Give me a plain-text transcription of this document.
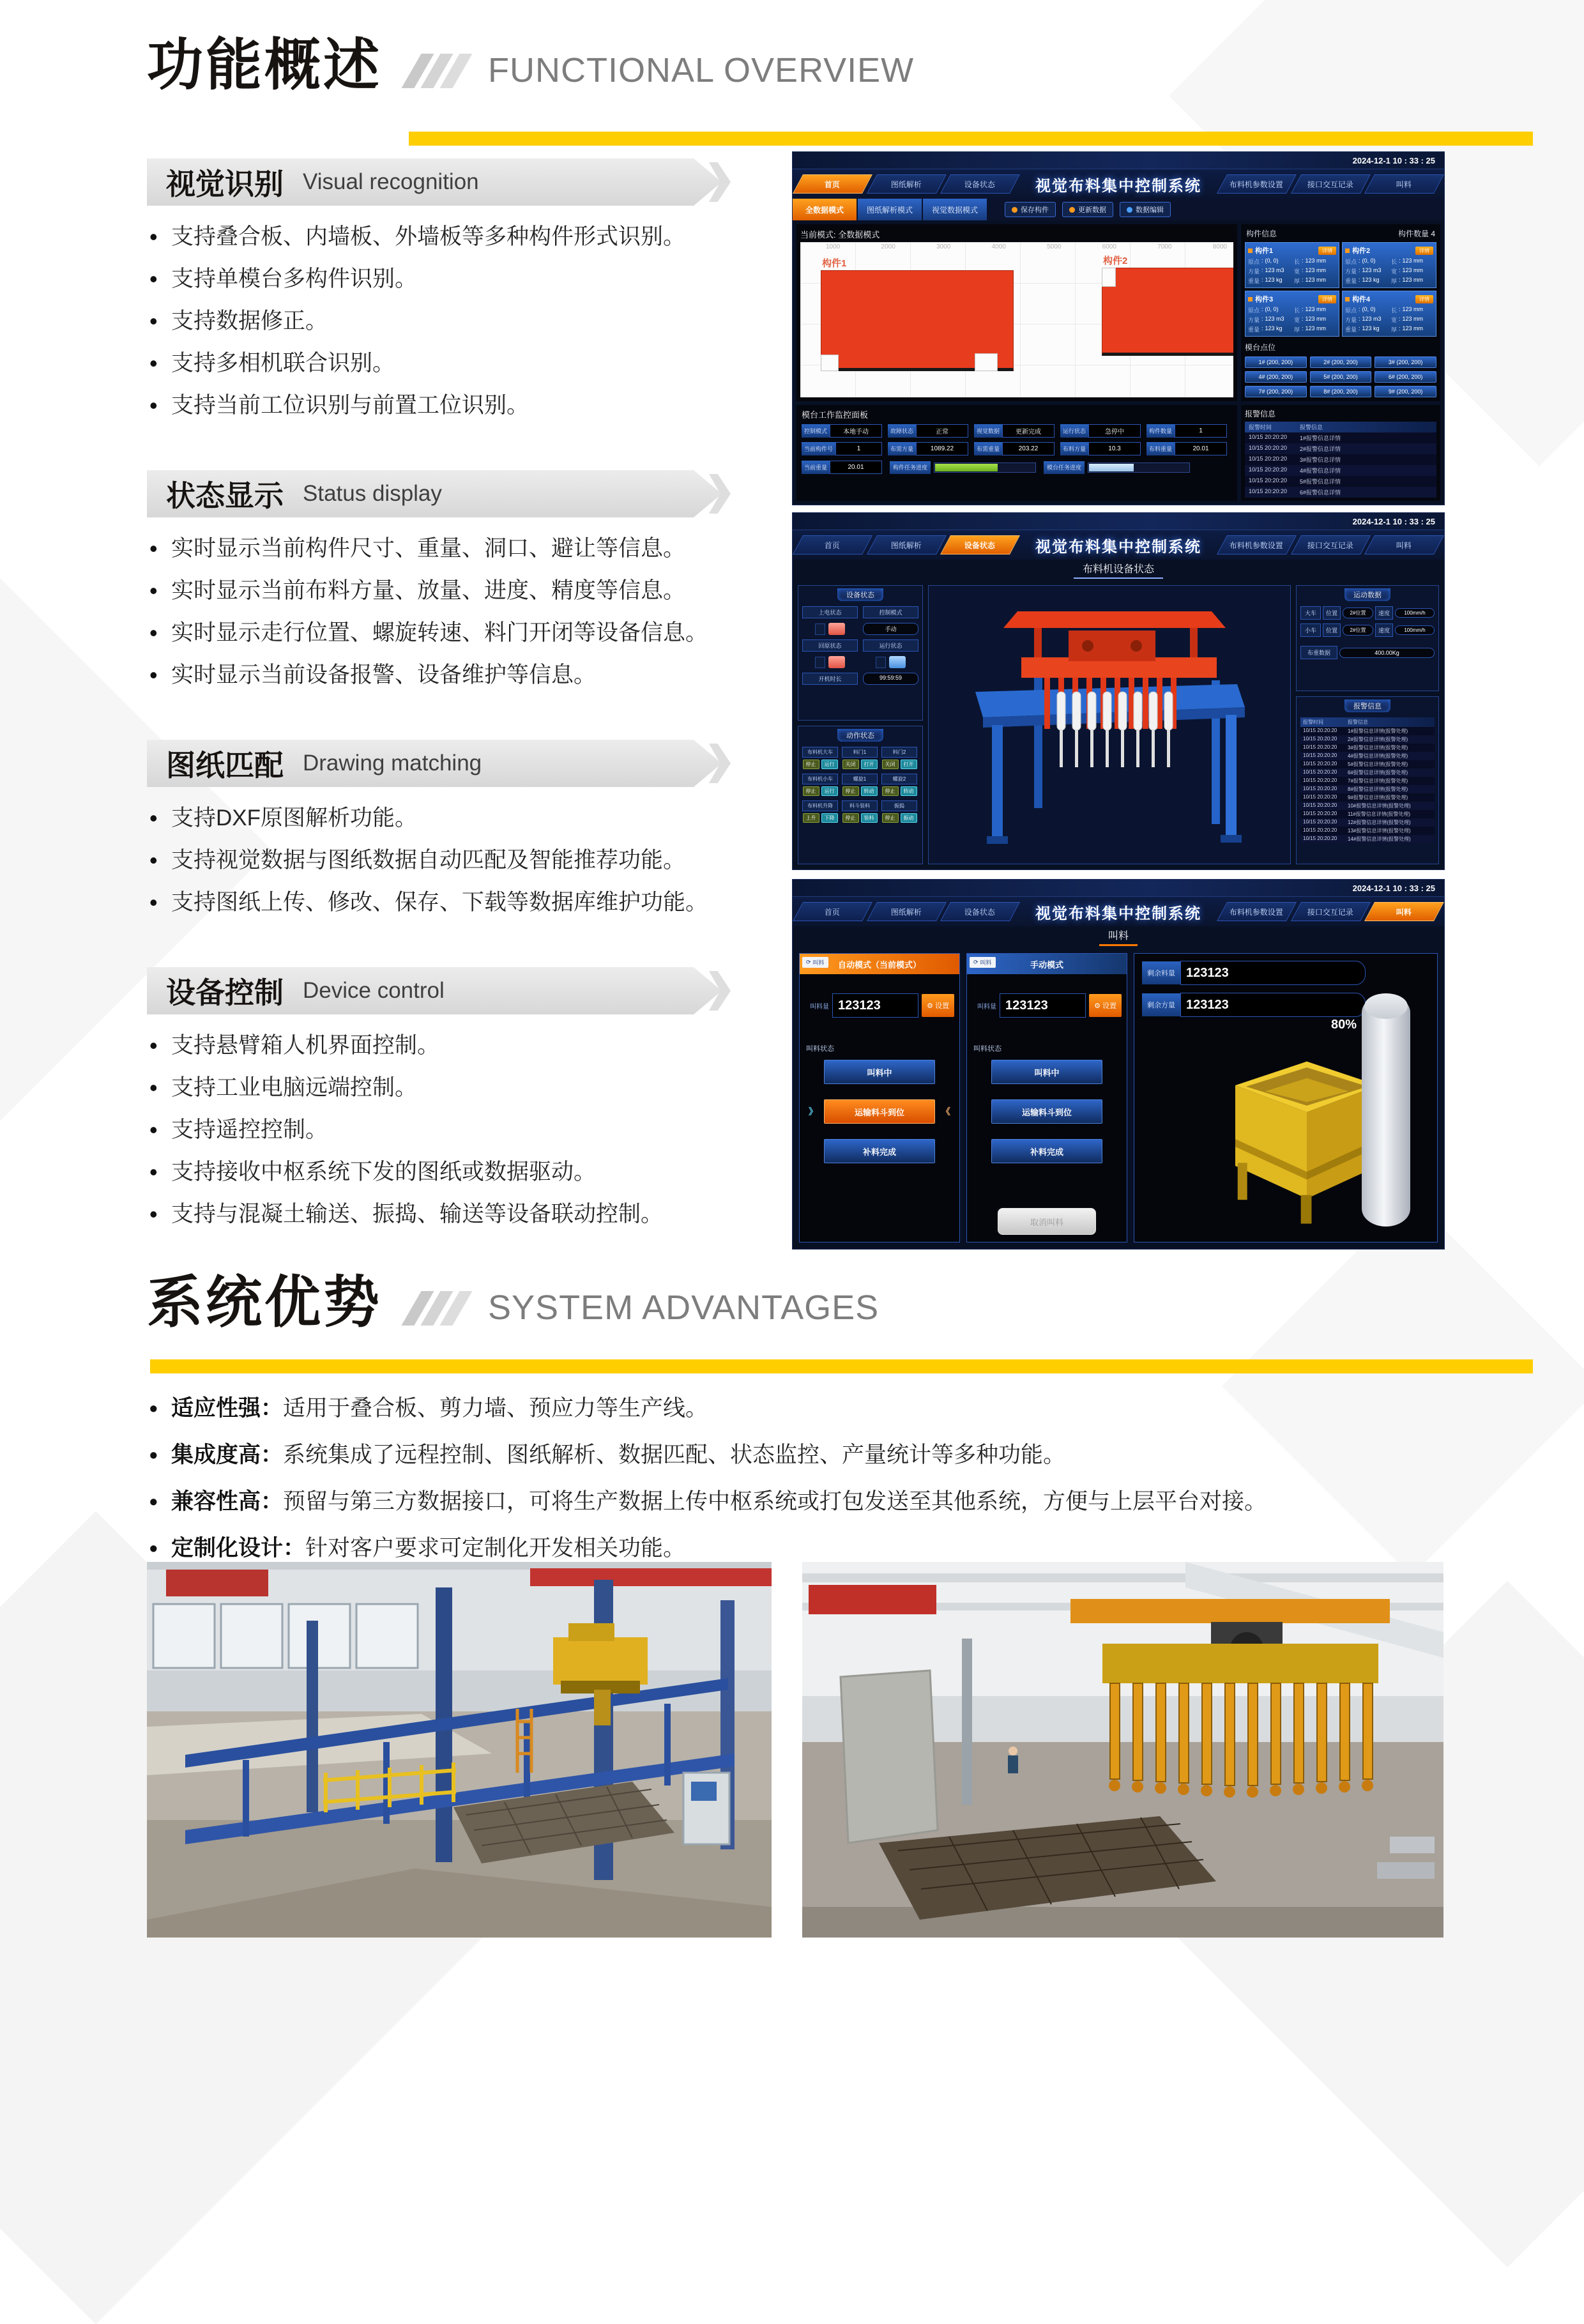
功能概述	FUNCTIONAL OVERVIEW
视觉识别 Visual recognition
• 支持叠合板、内墙板、外墙板等多种构件形式识别。
• 支持单模台多构件识别。
• 支持数据修正。
• 支持多相机联合识别。
• 支持当前工位识别与前置工位识别。
状态显示 Status display
• 实时显示当前构件尺寸、重量、洞口、避让等信息。
• 实时显示当前布料方量、放量、进度、精度等信息。
• 实时显示走行位置、螺旋转速、料门开闭等设备信息。
• 实时显示当前设备报警、设备维护等信息。
图纸匹配 Drawing matching
• 支持DXF原图解析功能。
• 支持视觉数据与图纸数据自动匹配及智能推荐功能。
• 支持图纸上传、修改、保存、下载等数据库维护功能。
设备控制 Device control
• 支持悬臂箱人机界面控制。
• 支持工业电脑远端控制。
• 支持遥控控制。
• 支持接收中枢系统下发的图纸或数据驱动。
• 支持与混凝土输送、振捣、输送等设备联动控制。
2024-12-1 10 : 33 : 25
首页	图纸解析	设备状态	视觉布料集中控制系统	布料机参数设置	接口交互记录	叫料
全数据模式	图纸解析模式	视觉数据模式	保存构件	更新数据	数据编辑
当前模式: 全数据模式
1000	2000	3000	4000	5000	6000	7000	8000
构件1	构件2
构件信息	构件数量 4
构件1	详情
原点 : (0, 0)	长 : 123 mm
方量 : 123 m3 宽 : 123 mm
重量 : 123 kg 厚 : 123 mm
构件2	详情
原点 : (0, 0)	长 : 123 mm
方量 : 123 m3 宽 : 123 mm
重量 : 123 kg 厚 : 123 mm
构件3	详情
原点 : (0, 0)	长 : 123 mm
方量 : 123 m3 宽 : 123 mm
重量 : 123 kg 厚 : 123 mm
构件4	详情
原点 : (0, 0)	长 : 123 mm
方量 : 123 m3 宽 : 123 mm
重量 : 123 kg 厚 : 123 mm
模台点位
1# (200, 200)	2# (200, 200)	3# (200, 200)
4# (200, 200)	5# (200, 200)	6# (200, 200)
7# (200, 200)	8# (200, 200)	9# (200, 200)
模台工作监控面板
控制模式	本地手动	故障状态	正常	视觉数据	更新完成	运行状态	急停中	构件数量	1
当前构件号	1	布需方量	1089.22	布需重量	203.22	布料方量	10.3	布料重量	20.01
当前重量	20.01	构件任务进度	模台任务进度
报警信息
报警时间	报警信息
10/15 20:20:20	1#报警信息详情
10/15 20:20:20	2#报警信息详情
10/15 20:20:20	3#报警信息详情
10/15 20:20:20	4#报警信息详情
10/15 20:20:20	5#报警信息详情
10/15 20:20:20	6#报警信息详情
2024-12-1 10 : 33 : 25
首页	图纸解析	设备状态	视觉布料集中控制系统	布料机参数设置	接口交互记录	叫料
布料机设备状态
设备状态
上电状态	控制模式
手动
回原状态	运行状态
开机时长	99:59:59
动作状态
布料机大车
停止	运行
料门1
关闭	打开
料门2
关闭	打开
布料机小车
停止	运行
螺旋1
停止	转动
螺旋2
停止	转动
布料机升降
上升	下降
料斗装料
停止	装料
振捣
停止	振动
运动数据
大车	位置	2#位置	速度	100mm/h
小车	位置	2#位置	速度	100mm/h
布重数据	400.00Kg
报警信息
报警时间	报警信息
10/15 20:20:20	1#报警信息详情(报警处理)
10/15 20:20:20	2#报警信息详情(报警处理)
10/15 20:20:20	3#报警信息详情(报警处理)
10/15 20:20:20	4#报警信息详情(报警处理)
10/15 20:20:20	5#报警信息详情(报警处理)
10/15 20:20:20	6#报警信息详情(报警处理)
10/15 20:20:20	7#报警信息详情(报警处理)
10/15 20:20:20	8#报警信息详情(报警处理)
10/15 20:20:20	9#报警信息详情(报警处理)
10/15 20:20:20	10#报警信息详情(报警处理)
10/15 20:20:20	11#报警信息详情(报警处理)
10/15 20:20:20	12#报警信息详情(报警处理)
10/15 20:20:20	13#报警信息详情(报警处理)
10/15 20:20:20	14#报警信息详情(报警处理)
2024-12-1 10 : 33 : 25
首页	图纸解析	设备状态	视觉布料集中控制系统	布料机参数设置	接口交互记录	叫料
叫料
⟳ 叫料 自动模式（当前模式）
叫料量 123123	⚙ 设置
叫料状态
叫料中
》	运输料斗到位	《
补料完成
⟳ 叫料	手动模式
叫料量 123123	⚙ 设置
叫料状态
叫料中
运输料斗到位
补料完成
取消叫料
剩余料量 123123
剩余方量 123123
80%
系统优势	SYSTEM ADVANTAGES
• 适应性强：适用于叠合板、剪力墙、预应力等生产线。
• 集成度高：系统集成了远程控制、图纸解析、数据匹配、状态监控、产量统计等多种功能。
• 兼容性高：预留与第三方数据接口，可将生产数据上传中枢系统或打包发送至其他系统，方便与上层平台对接。
• 定制化设计：针对客户要求可定制化开发相关功能。
